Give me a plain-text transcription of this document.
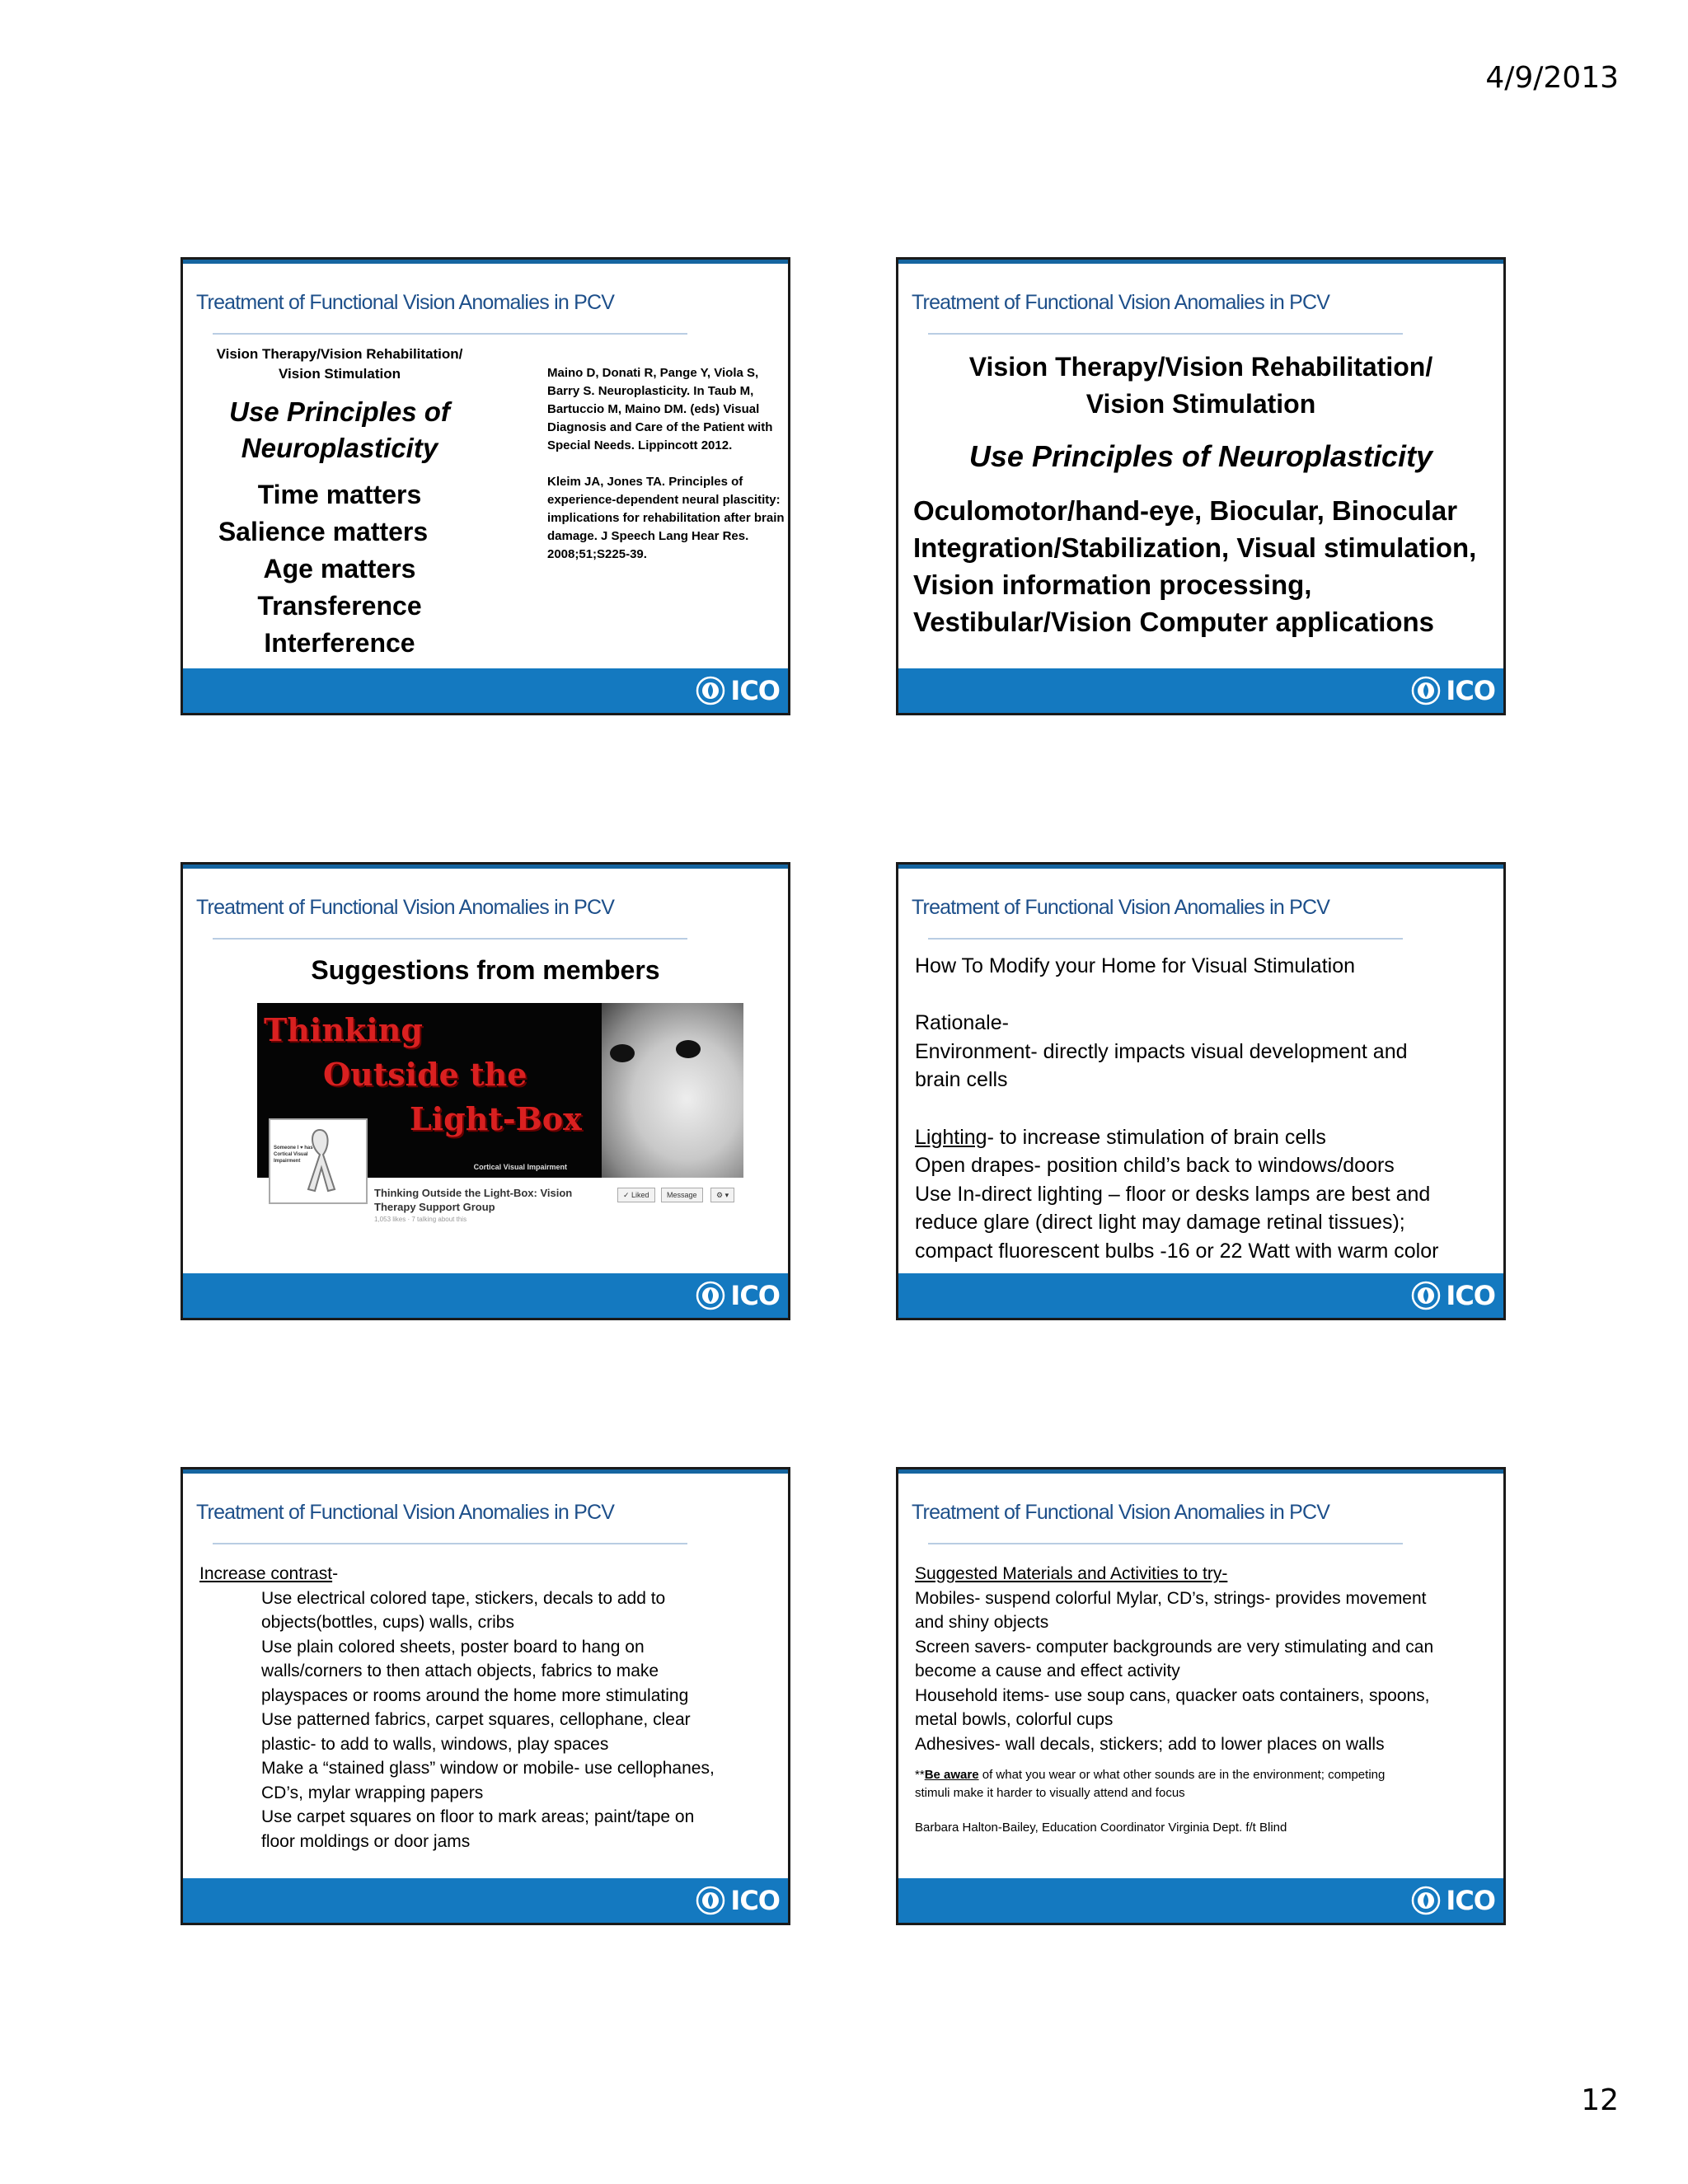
4/9/2013
Treatment of Functional Vision Anomalies in PCV
Vision Therapy/Vision Rehabilitation/
Vision Stimulation
Use Principles of
Neuroplasticity
Time matters
Salience matters
Age matters
Transference
Interference

Maino D, Donati R, Pange Y, Viola S, Barry S. Neuroplasticity. In Taub M, Bartuccio M, Maino DM. (eds) Visual Diagnosis and Care of the Patient with Special Needs. Lippincott 2012.

Kleim JA, Jones TA. Principles of experience-dependent neural plascitity: implications for rehabilitation after brain damage. J Speech Lang Hear Res. 2008;51;S225-39.

ICO
Treatment of Functional Vision Anomalies in PCV
Vision Therapy/Vision Rehabilitation/
Vision Stimulation
Use Principles of Neuroplasticity
Oculomotor/hand-eye, Biocular, Binocular
Integration/Stabilization, Visual stimulation,
Vision information processing,
Vestibular/Vision Computer applications
ICO
Treatment of Functional Vision Anomalies in PCV
Suggestions from members
Thinking
Outside the
Light-Box
Cortical Visual Impairment
Someone I ♥ has Cortical Visual Impairment
Thinking Outside the Light-Box: Vision
Therapy Support Group
1,053 likes · 7 talking about this
✓ Liked	Message	⚙ ▾
ICO
Treatment of Functional Vision Anomalies in PCV
How To Modify your Home for Visual Stimulation
Rationale-
Environment- directly impacts visual development and
brain cells
Lighting- to increase stimulation of brain cells
Open drapes- position child’s back to windows/doors
Use In-direct lighting – floor or desks lamps are best and
reduce glare (direct light may damage retinal tissues);
compact fluorescent bulbs -16 or 22 Watt with warm color
ICO
Treatment of Functional Vision Anomalies in PCV
Increase contrast-
Use electrical colored tape, stickers, decals to add to
objects(bottles, cups) walls, cribs
Use plain colored sheets, poster board to hang on
walls/corners to then attach objects, fabrics to make
playspaces or rooms around the home more stimulating
Use patterned fabrics, carpet squares, cellophane, clear
plastic- to add to walls, windows, play spaces
Make a “stained glass” window or mobile- use cellophanes,
CD’s, mylar wrapping papers
Use carpet squares on floor to mark areas; paint/tape on
floor moldings or door jams
ICO
Treatment of Functional Vision Anomalies in PCV
Suggested Materials and Activities to try-
Mobiles- suspend colorful Mylar, CD’s, strings- provides movement
and shiny objects
Screen savers- computer backgrounds are very stimulating and can
become a cause and effect activity
Household items- use soup cans, quacker oats containers, spoons,
metal bowls, colorful cups
Adhesives- wall decals, stickers; add to lower places on walls
**Be aware of what you wear or what other sounds are in the environment; competing
stimuli make it harder to visually attend and focus
Barbara Halton-Bailey, Education Coordinator Virginia Dept. f/t Blind
ICO
12
